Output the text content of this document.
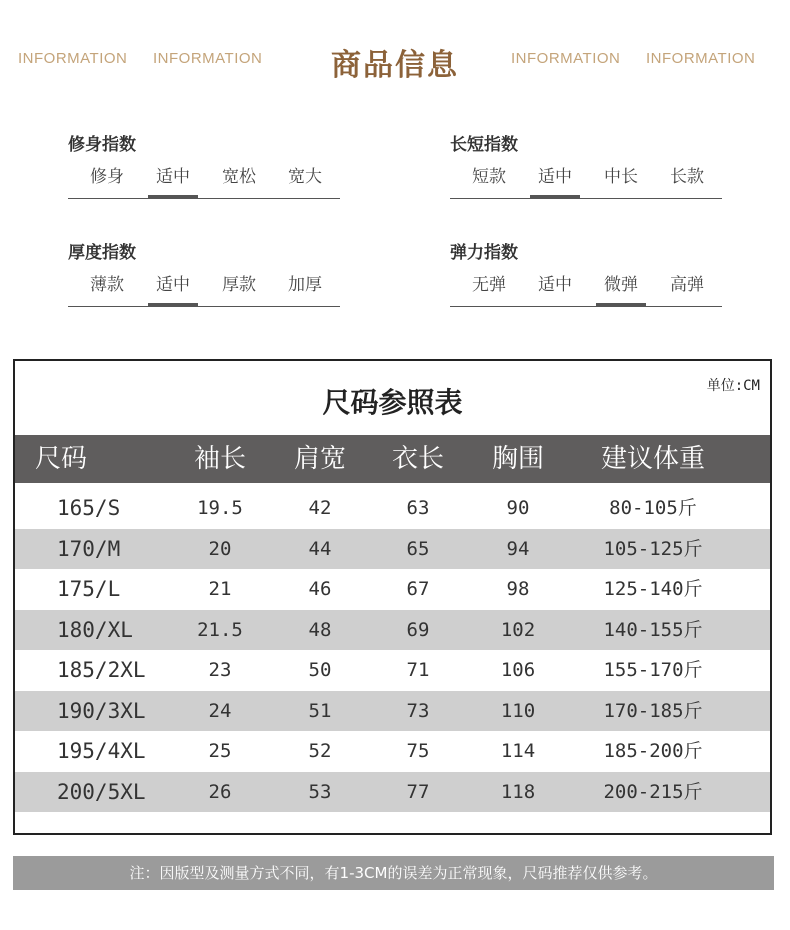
INFORMATION INFORMATION	商品信息	INFORMATION INFORMATION
修身指数
修身	适中	宽松	宽大
长短指数
短款	适中	中长	长款
厚度指数
薄款	适中	厚款	加厚
弹力指数
无弹	适中	微弹	高弹
单位:CM
尺码参照表
尺码	袖长	肩宽	衣长	胸围	建议体重
165/S	19.5	42	63	90	80-105斤
170/M	20	44	65	94	105-125斤
175/L	21	46	67	98	125-140斤
180/XL	21.5	48	69	102	140-155斤
185/2XL	23	50	71	106	155-170斤
190/3XL	24	51	73	110	170-185斤
195/4XL	25	52	75	114	185-200斤
200/5XL	26	53	77	118	200-215斤
注：因版型及测量方式不同，有1-3CM的误差为正常现象，尺码推荐仅供参考。
